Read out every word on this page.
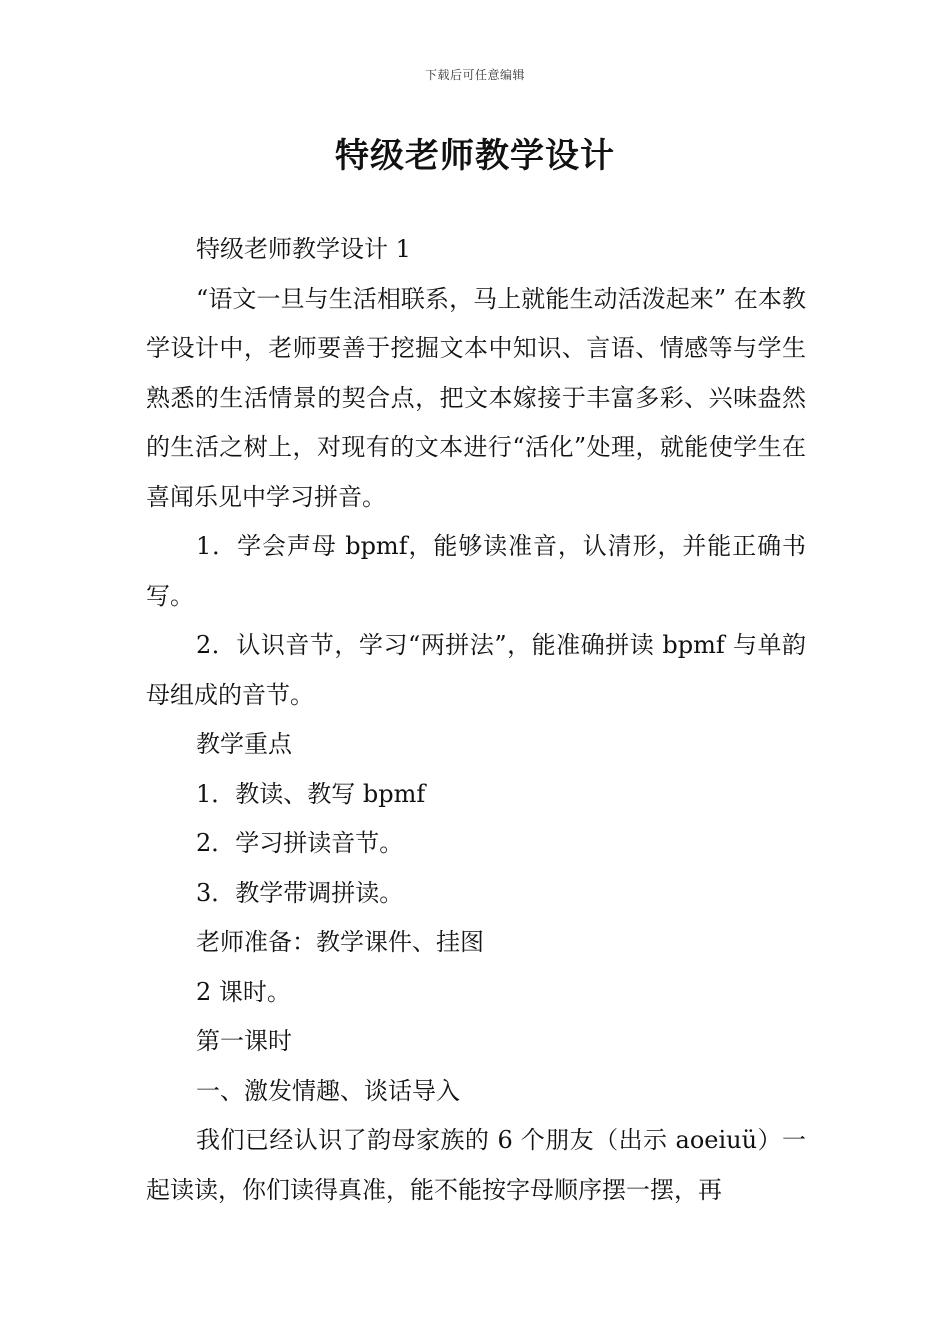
下载后可任意编辑
特级老师教学设计

特级老师教学设计 1

“语文一旦与生活相联系，马上就能生动活泼起来” 在本教学设计中，老师要善于挖掘文本中知识、言语、情感等与学生熟悉的生活情景的契合点，把文本嫁接于丰富多彩、兴味盎然的生活之树上，对现有的文本进行“活化”处理，就能使学生在喜闻乐见中学习拼音。

1．学会声母 bpmf，能够读准音，认清形，并能正确书写。

2．认识音节，学习“两拼法”，能准确拼读 bpmf 与单韵母组成的音节。

教学重点

1．教读、教写 bpmf

2．学习拼读音节。

3．教学带调拼读。

老师准备：教学课件、挂图

2 课时。

第一课时

一、激发情趣、谈话导入

我们已经认识了韵母家族的 6 个朋友（出示 aoeiuü）一起读读，你们读得真准，能不能按字母顺序摆一摆，再
